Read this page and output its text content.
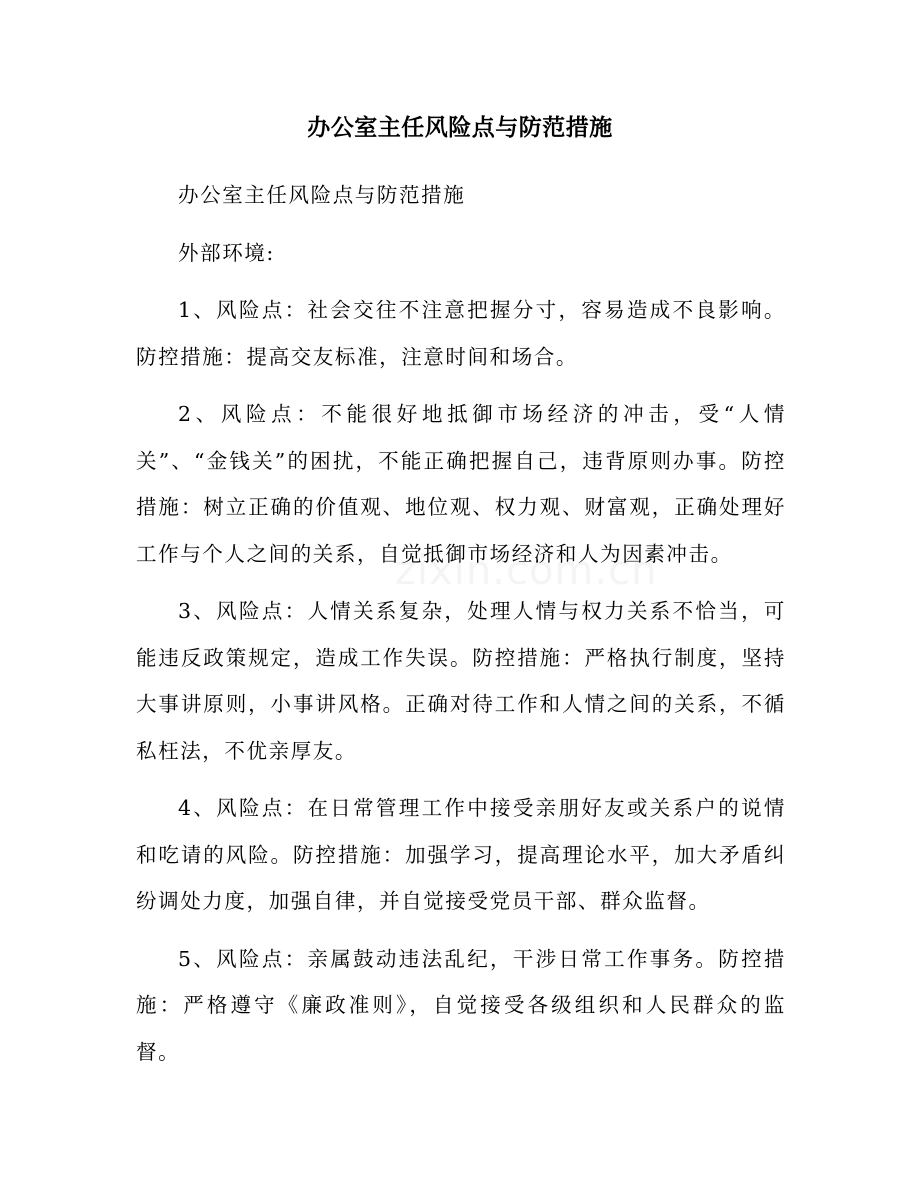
办公室主任风险点与防范措施

办公室主任风险点与防范措施

外部环境:

1、风险点：社会交往不注意把握分寸，容易造成不良影响。防控措施：提高交友标准，注意时间和场合。

2、风险点：不能很好地抵御市场经济的冲击，受“人情关”、“金钱关”的困扰，不能正确把握自己，违背原则办事。防控措施：树立正确的价值观、地位观、权力观、财富观，正确处理好工作与个人之间的关系，自觉抵御市场经济和人为因素冲击。

3、风险点：人情关系复杂，处理人情与权力关系不恰当，可能违反政策规定，造成工作失误。防控措施：严格执行制度，坚持大事讲原则，小事讲风格。正确对待工作和人情之间的关系，不循私枉法，不优亲厚友。

4、风险点：在日常管理工作中接受亲朋好友或关系户的说情和吃请的风险。防控措施：加强学习，提高理论水平，加大矛盾纠纷调处力度，加强自律，并自觉接受党员干部、群众监督。

5、风险点：亲属鼓动违法乱纪，干涉日常工作事务。防控措施：严格遵守《廉政准则》，自觉接受各级组织和人民群众的监督。
